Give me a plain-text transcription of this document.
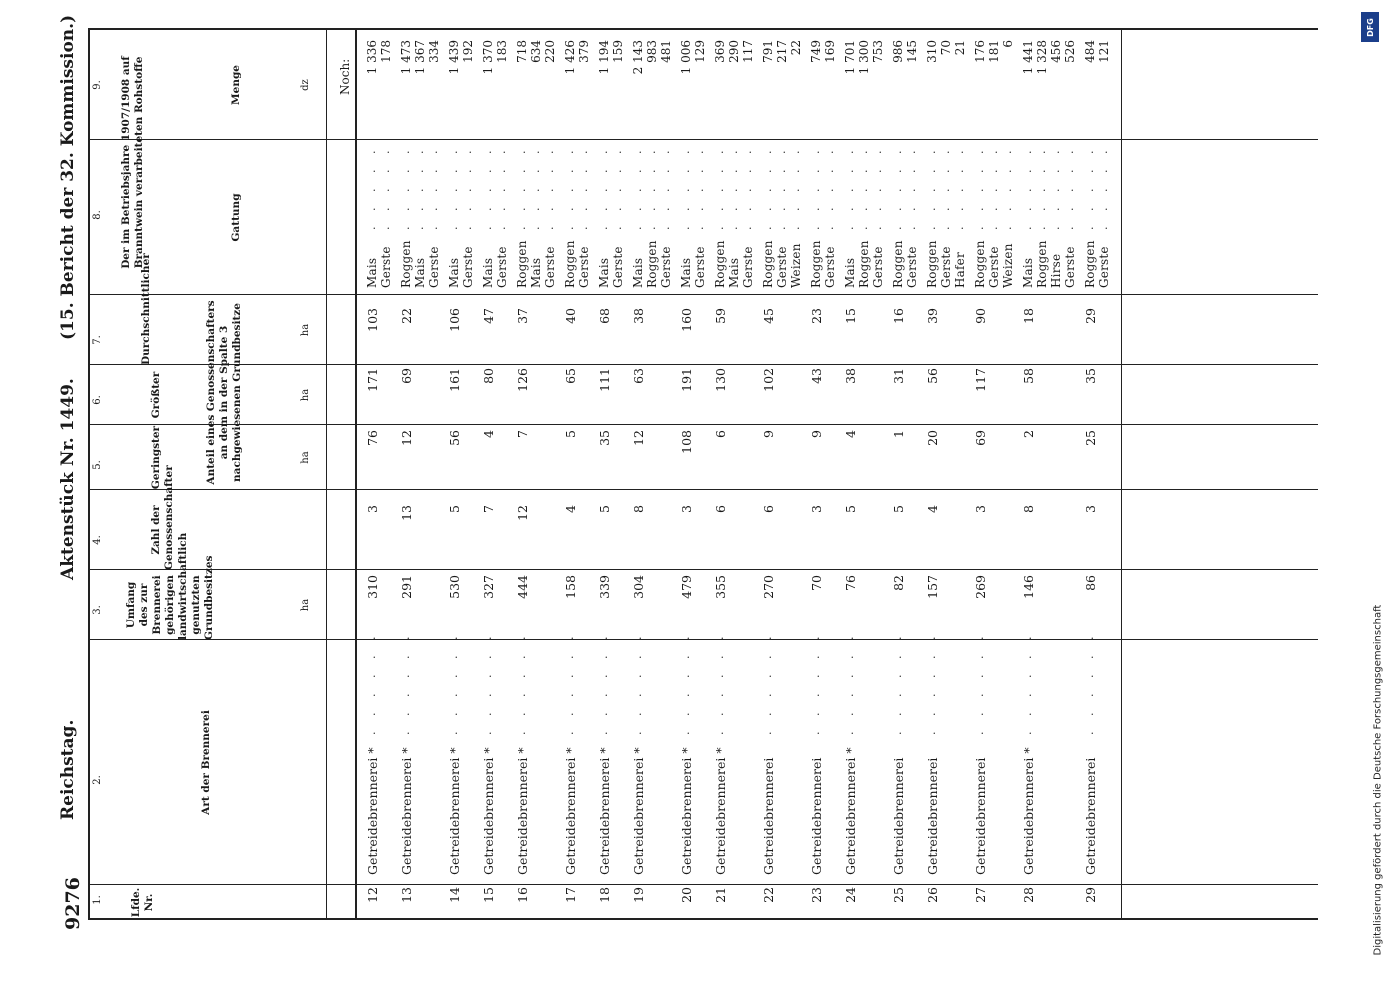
9276
Reichstag.
Aktenstück Nr. 1449.
(15. Bericht der 32. Kommission.)
1.
2.
3.
4.
5.
6.
7.
8.
9.
Lfde. Nr.
Art der Brennerei
Umfang des zur Brennerei gehörigen landwirtschaftlich genutzten Grundbesitzes
Zahl der Genossenschafter
Geringster
Größter
Durchschnittlicher
Gattung
Menge
Anteil eines Genossenschafters an dem in der Spalte 3 nachgewiesenen Grundbesitze
Der im Betriebsjahre 1907/1908 auf Branntwein verarbeiteten Rohstoffe
ha
ha
ha
ha
dz
12
Getreidebrennerei *
. . . . . .
310
3
76
171
103
Mais
. . . . .
1 336
Gerste
. . . . .
178
13
Getreidebrennerei *
. . . . . .
291
13
12
69
22
Roggen
. . . . .
1 473
Mais
. . . . .
1 367
Gerste
. . . . .
334
14
Getreidebrennerei *
. . . . . .
530
5
56
161
106
Mais
. . . . .
1 439
Gerste
. . . . .
192
15
Getreidebrennerei *
. . . . . .
327
7
4
80
47
Mais
. . . . .
1 370
Gerste
. . . . .
183
16
Getreidebrennerei *
. . . . . .
444
12
7
126
37
Roggen
. . . . .
718
Mais
. . . . .
634
Gerste
. . . . .
220
17
Getreidebrennerei *
. . . . . .
158
4
5
65
40
Roggen
. . . . .
1 426
Gerste
. . . . .
379
18
Getreidebrennerei *
. . . . . .
339
5
35
111
68
Mais
. . . . .
1 194
Gerste
. . . . .
159
19
Getreidebrennerei *
. . . . . .
304
8
12
63
38
Mais
. . . . .
2 143
Roggen
. . . . .
983
Gerste
. . . . .
481
20
Getreidebrennerei *
. . . . . .
479
3
108
191
160
Mais
. . . . .
1 006
Gerste
. . . . .
129
21
Getreidebrennerei *
. . . . . .
355
6
6
130
59
Roggen
. . . . .
369
Mais
. . . . .
290
Gerste
. . . . .
117
22
Getreidebrennerei
. . . . . .
270
6
9
102
45
Roggen
. . . . .
791
Gerste
. . . . .
217
Weizen
. . . . .
22
23
Getreidebrennerei
. . . . . .
70
3
9
43
23
Roggen
. . . . .
749
Gerste
. . . . .
169
24
Getreidebrennerei *
. . . . . .
76
5
4
38
15
Mais
. . . . .
1 701
Roggen
. . . . .
1 300
Gerste
. . . . .
753
25
Getreidebrennerei
. . . . . .
82
5
1
31
16
Roggen
. . . . .
986
Gerste
. . . . .
145
26
Getreidebrennerei
. . . . . .
157
4
20
56
39
Roggen
. . . . .
310
Gerste
. . . . .
70
Hafer
. . . . .
21
27
Getreidebrennerei
. . . . . .
269
3
69
117
90
Roggen
. . . . .
176
Gerste
. . . . .
181
Weizen
. . . . .
6
28
Getreidebrennerei *
. . . . . .
146
8
2
58
18
Mais
. . . . .
1 441
Roggen
. . . . .
1 328
Hirse
. . . . .
456
Gerste
. . . . .
526
29
Getreidebrennerei
. . . . . .
86
3
25
35
29
Roggen
. . . . .
484
Gerste
. . . . .
121
Noch:
DFG
Digitalisierung gefördert durch die Deutsche Forschungsgemeinschaft
